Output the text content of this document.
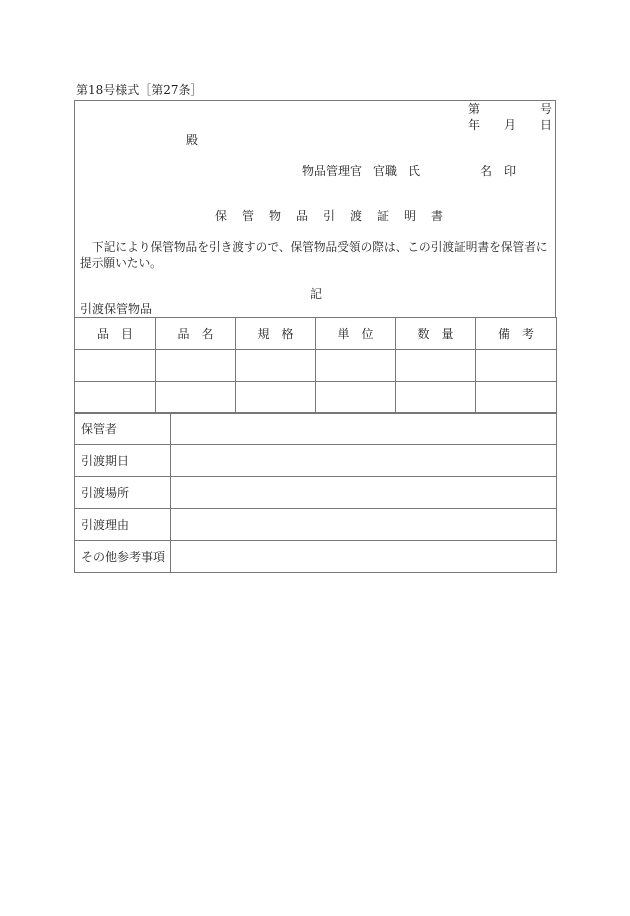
第18号様式［第27条］
第	号
年 月 日
殿
物品管理官 官職 氏	名 印
保管物品引渡証明書
下記により保管物品を引き渡すので、保管物品受領の際は、この引渡証明書を保管者に
提示願いたい。
記
引渡保管物品
品目	品名	規格	単位	数量	備考

保管者	
引渡期日	
引渡場所	
引渡理由	
その他参考事項	
